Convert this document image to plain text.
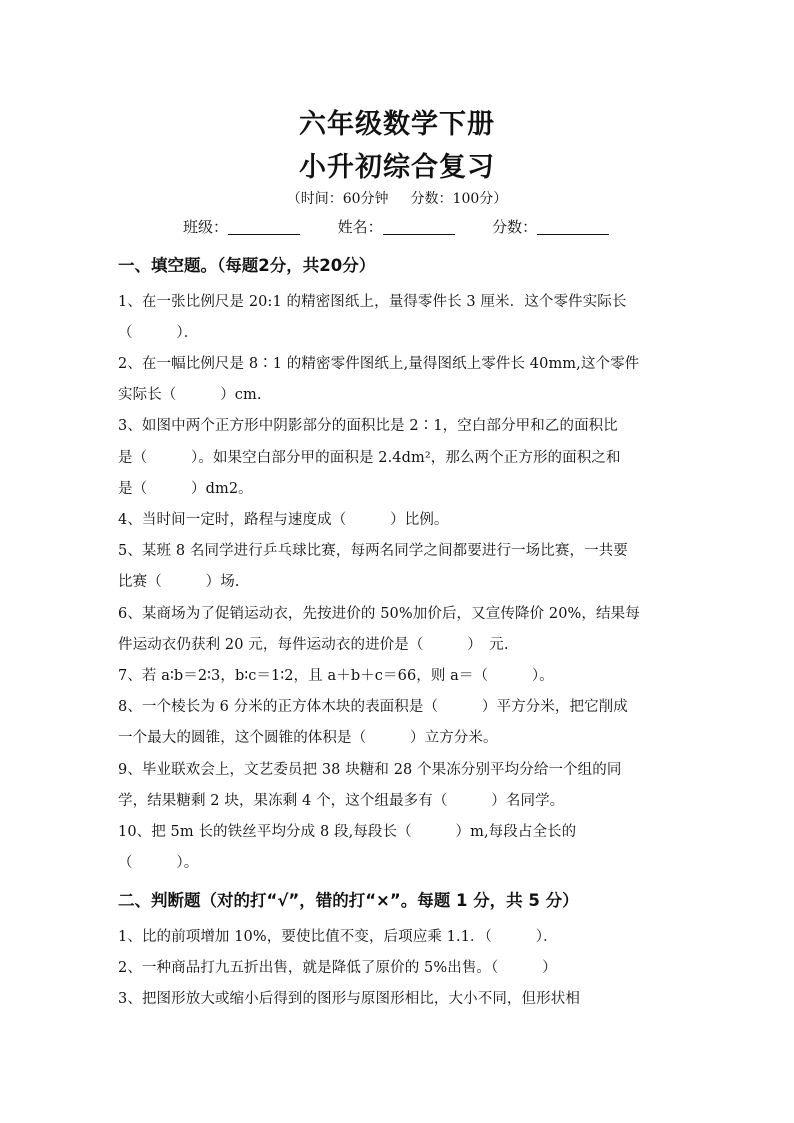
六年级数学下册
小升初综合复习
（时间：60分钟 分数：100分）
班级：	姓名：	分数：
一、填空题。（每题2分，共20分）
1、在一张比例尺是 20:1 的精密图纸上，量得零件长 3 厘米．这个零件实际长
（　　　）．
2、在一幅比例尺是 8∶1 的精密零件图纸上,量得图纸上零件长 40mm,这个零件
实际长（　　　）cm.
3、如图中两个正方形中阴影部分的面积比是 2∶1，空白部分甲和乙的面积比
是（　　　）。如果空白部分甲的面积是 2.4dm²，那么两个正方形的面积之和
是（　　　）dm2。
4、当时间一定时，路程与速度成（　　　）比例。
5、某班 8 名同学进行乒乓球比赛，每两名同学之间都要进行一场比赛，一共要
比赛（　　　）场.
6、某商场为了促销运动衣，先按进价的 50%加价后，又宣传降价 20%，结果每
件运动衣仍获利 20 元，每件运动衣的进价是（　　　）　元.
7、若 a∶b＝2∶3，b∶c＝1∶2，且 a＋b＋c＝66，则 a＝（　　　）。
8、一个棱长为 6 分米的正方体木块的表面积是（　　　）平方分米，把它削成
一个最大的圆锥，这个圆锥的体积是（　　　）立方分米。
9、毕业联欢会上，文艺委员把 38 块糖和 28 个果冻分别平均分给一个组的同
学，结果糖剩 2 块，果冻剩 4 个，这个组最多有（　　　）名同学。
10、把 5m 长的铁丝平均分成 8 段,每段长（　　　）m,每段占全长的
（　　　）。
二、判断题（对的打“√”，错的打“×”。每题 1 分，共 5 分）
1、比的前项增加 10%，要使比值不变，后项应乘 1.1．（　　　）．
2、一种商品打九五折出售，就是降低了原价的 5%出售。（　　　）
3、把图形放大或缩小后得到的图形与原图形相比，大小不同，但形状相
